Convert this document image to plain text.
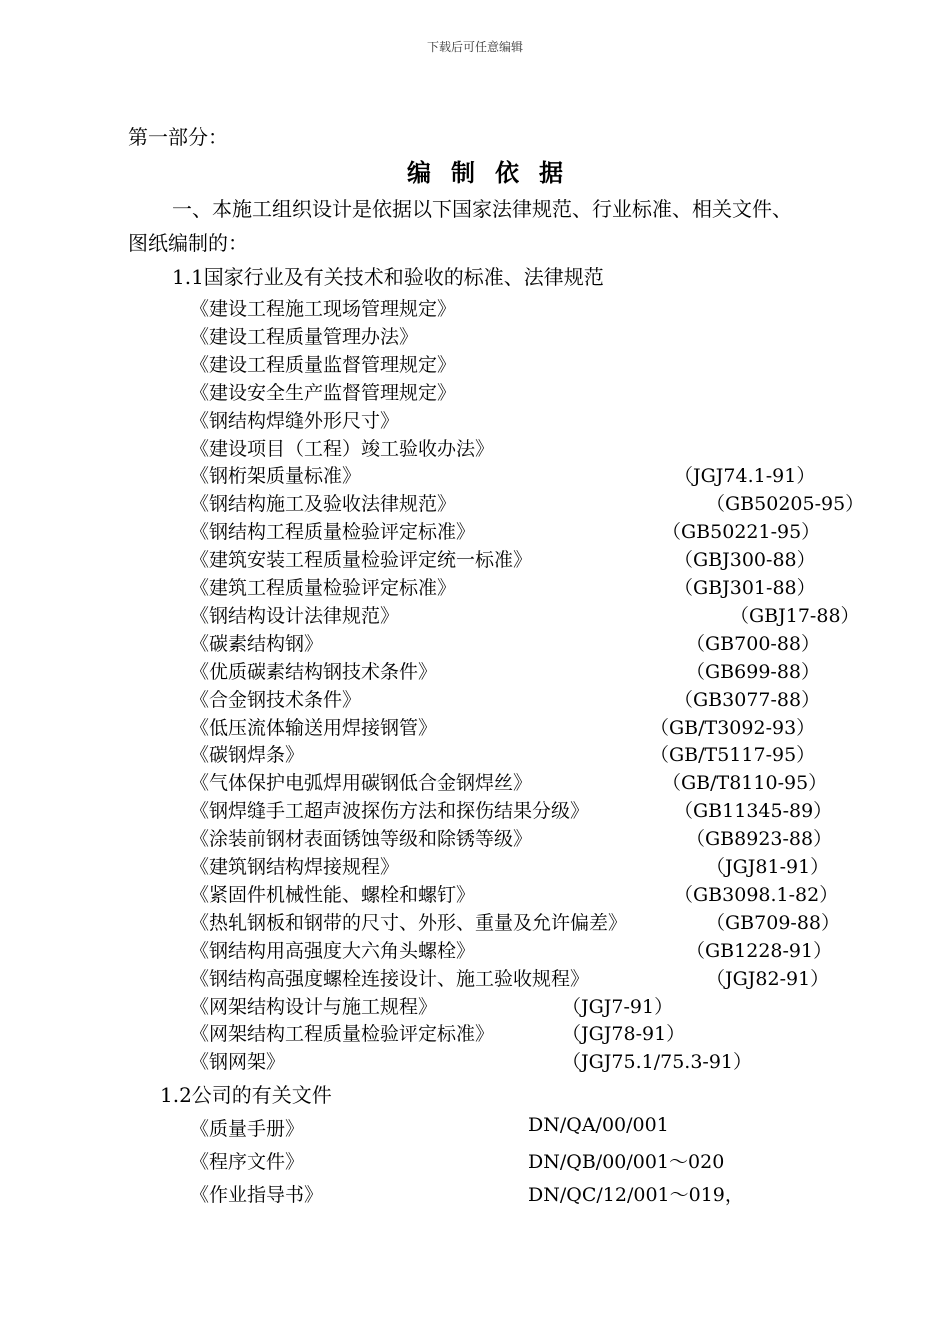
下载后可任意编辑
第一部分：
编制依据
一、本施工组织设计是依据以下国家法律规范、行业标准、相关文件、
图纸编制的：
1.1国家行业及有关技术和验收的标准、法律规范
《建设工程施工现场管理规定》
《建设工程质量管理办法》
《建设工程质量监督管理规定》
《建设安全生产监督管理规定》
《钢结构焊缝外形尺寸》
《建设项目（工程）竣工验收办法》
《钢桁架质量标准》	（JGJ74.1-91）
《钢结构施工及验收法律规范》	（GB50205-95）
《钢结构工程质量检验评定标准》	（GB50221-95）
《建筑安装工程质量检验评定统一标准》	（GBJ300-88）
《建筑工程质量检验评定标准》	（GBJ301-88）
《钢结构设计法律规范》	（GBJ17-88）
《碳素结构钢》	（GB700-88）
《优质碳素结构钢技术条件》	（GB699-88）
《合金钢技术条件》	（GB3077-88）
《低压流体输送用焊接钢管》	（GB/T3092-93）
《碳钢焊条》	（GB/T5117-95）
《气体保护电弧焊用碳钢低合金钢焊丝》	（GB/T8110-95）
《钢焊缝手工超声波探伤方法和探伤结果分级》	（GB11345-89）
《涂装前钢材表面锈蚀等级和除锈等级》	（GB8923-88）
《建筑钢结构焊接规程》	（JGJ81-91）
《紧固件机械性能、螺栓和螺钉》	（GB3098.1-82）
《热轧钢板和钢带的尺寸、外形、重量及允许偏差》	（GB709-88）
《钢结构用高强度大六角头螺栓》	（GB1228-91）
《钢结构高强度螺栓连接设计、施工验收规程》	（JGJ82-91）
《网架结构设计与施工规程》	（JGJ7-91）
《网架结构工程质量检验评定标准》	（JGJ78-91）
《钢网架》	（JGJ75.1/75.3-91）
1.2公司的有关文件
《质量手册》	DN/QA/00/001
《程序文件》	DN/QB/00/001～020
《作业指导书》	DN/QC/12/001～019，
